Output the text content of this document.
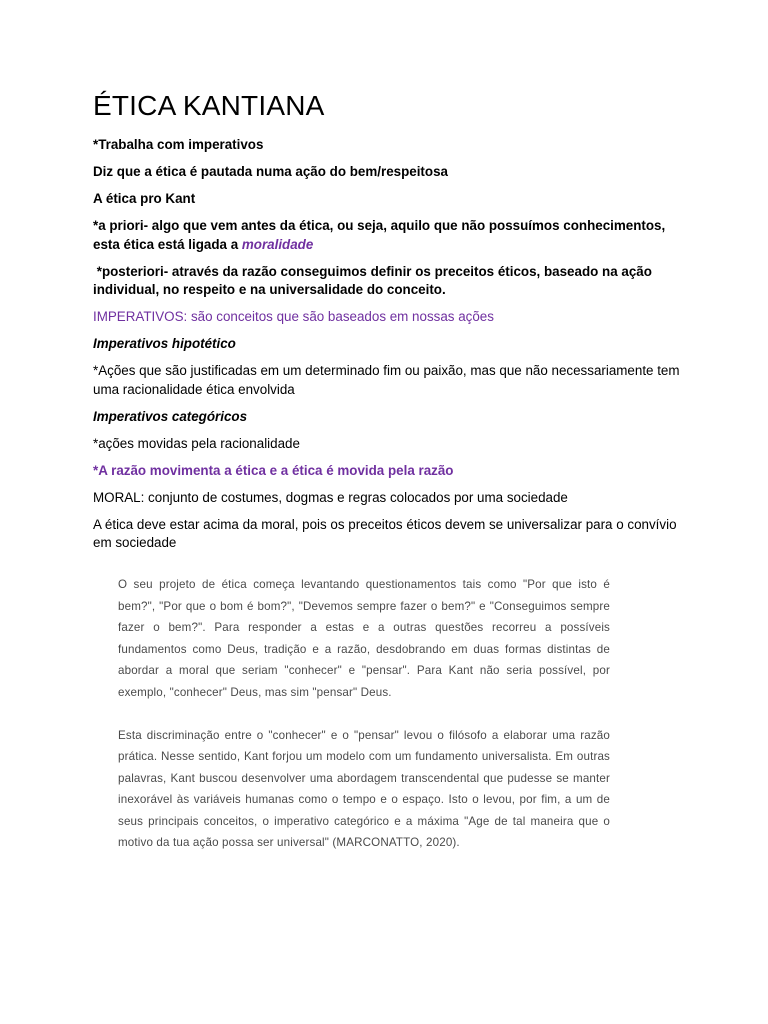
ÉTICA KANTIANA

*Trabalha com imperativos

Diz que a ética é pautada numa ação do bem/respeitosa

A ética pro Kant

*a priori- algo que vem antes da ética, ou seja, aquilo que não possuímos conhecimentos, esta ética está ligada a moralidade

*posteriori- através da razão conseguimos definir os preceitos éticos, baseado na ação individual, no respeito e na universalidade do conceito.

IMPERATIVOS: são conceitos que são baseados em nossas ações

Imperativos hipotético

*Ações que são justificadas em um determinado fim ou paixão, mas que não necessariamente tem uma racionalidade ética envolvida

Imperativos categóricos

*ações movidas pela racionalidade

*A razão movimenta a ética e a ética é movida pela razão

MORAL: conjunto de costumes, dogmas e regras colocados por uma sociedade

A ética deve estar acima da moral, pois os preceitos éticos devem se universalizar para o convívio em sociedade

O seu projeto de ética começa levantando questionamentos tais como "Por que isto é bem?", "Por que o bom é bom?", "Devemos sempre fazer o bem?" e "Conseguimos sempre fazer o bem?". Para responder a estas e a outras questões recorreu a possíveis fundamentos como Deus, tradição e a razão, desdobrando em duas formas distintas de abordar a moral que seriam "conhecer" e "pensar". Para Kant não seria possível, por exemplo, "conhecer" Deus, mas sim "pensar" Deus.

Esta discriminação entre o "conhecer" e o "pensar" levou o filósofo a elaborar uma razão prática. Nesse sentido, Kant forjou um modelo com um fundamento universalista. Em outras palavras, Kant buscou desenvolver uma abordagem transcendental que pudesse se manter inexorável às variáveis humanas como o tempo e o espaço. Isto o levou, por fim, a um de seus principais conceitos, o imperativo categórico e a máxima "Age de tal maneira que o motivo da tua ação possa ser universal" (MARCONATTO, 2020).
